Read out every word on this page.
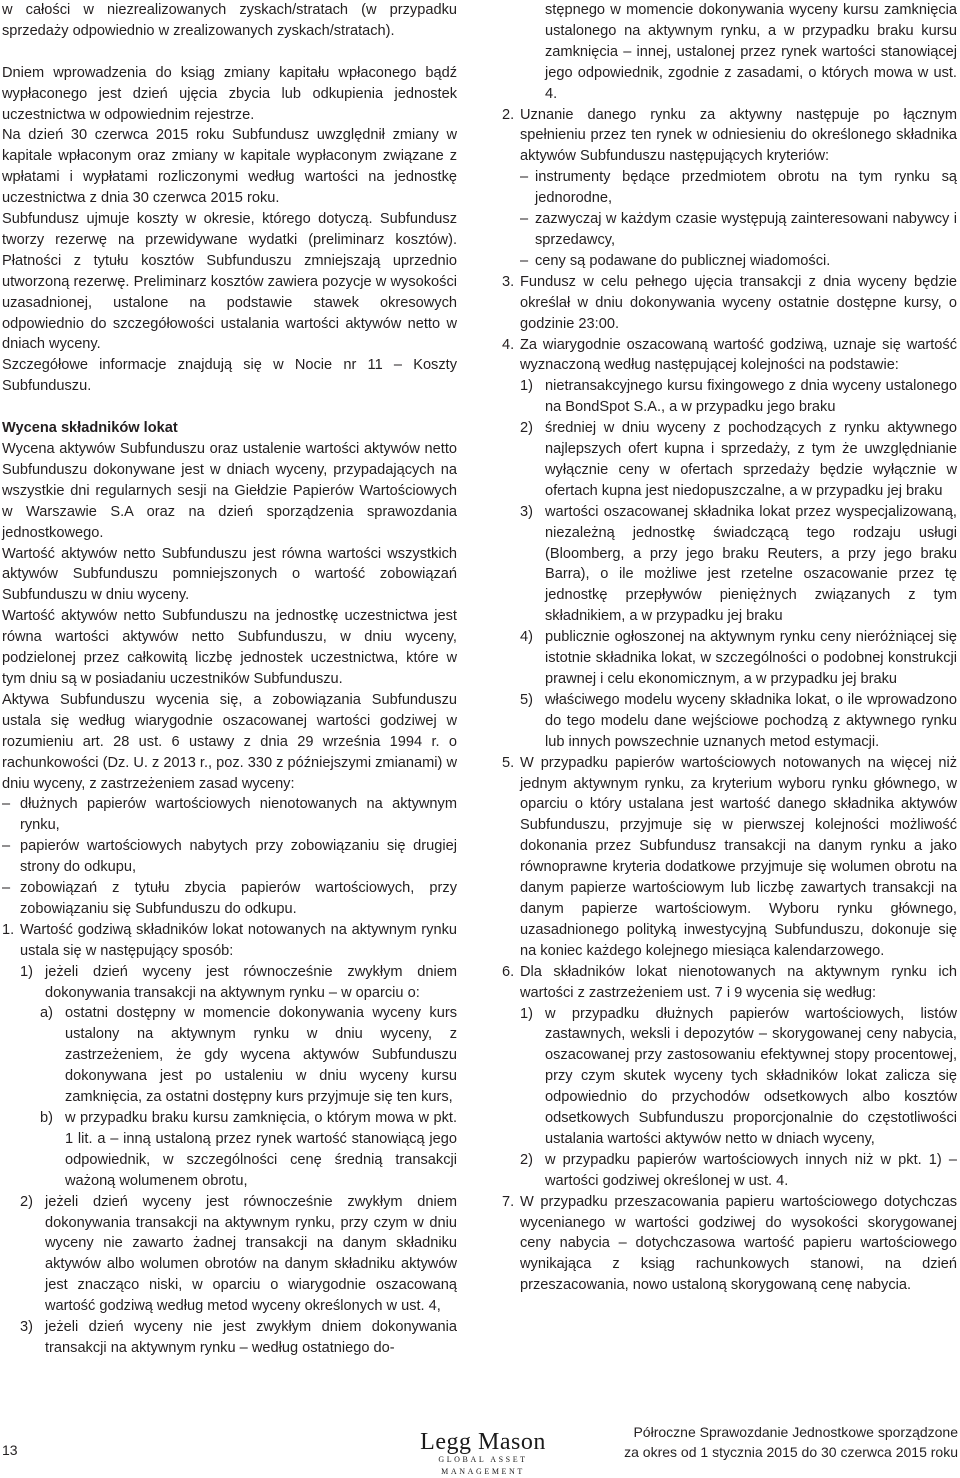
w całości w niezrealizowanych zyskach/stratach (w przypadku sprzedaży odpowiednio w zrealizowanych zyskach/stratach).

Dniem wprowadzenia do ksiąg zmiany kapitału wpłaconego bądź wypłaconego jest dzień ujęcia zbycia lub odkupienia jednostek uczestnictwa w odpowiednim rejestrze.

Na dzień 30 czerwca 2015 roku Subfundusz uwzględnił zmiany w kapitale wpłaconym oraz zmiany w kapitale wypłaconym związane z wpłatami i wypłatami rozliczonymi według wartości na jednostkę uczestnictwa z dnia 30 czerwca 2015 roku.

Subfundusz ujmuje koszty w okresie, którego dotyczą. Subfundusz tworzy rezerwę na przewidywane wydatki (preliminarz kosztów). Płatności z tytułu kosztów Subfunduszu zmniejszają uprzednio utworzoną rezerwę. Preliminarz kosztów zawiera pozycje w wysokości uzasadnionej, ustalone na podstawie stawek okresowych odpowiednio do szczegółowości ustalania wartości aktywów netto w dniach wyceny.

Szczegółowe informacje znajdują się w Nocie nr 11 – Koszty Subfunduszu.

Wycena składników lokat

Wycena aktywów Subfunduszu oraz ustalenie wartości aktywów netto Subfunduszu dokonywane jest w dniach wyceny, przypadających na wszystkie dni regularnych sesji na Giełdzie Papierów Wartościowych w Warszawie S.A oraz na dzień sporządzenia sprawozdania jednostkowego.

Wartość aktywów netto Subfunduszu jest równa wartości wszystkich aktywów Subfunduszu pomniejszonych o wartość zobowiązań Subfunduszu w dniu wyceny.

Wartość aktywów netto Subfunduszu na jednostkę uczestnictwa jest równa wartości aktywów netto Subfunduszu, w dniu wyceny, podzielonej przez całkowitą liczbę jednostek uczestnictwa, które w tym dniu są w posiadaniu uczestników Subfunduszu.

Aktywa Subfunduszu wycenia się, a zobowiązania Subfunduszu ustala się według wiarygodnie oszacowanej wartości godziwej w rozumieniu art. 28 ust. 6 ustawy z dnia 29 września 1994 r. o rachunkowości (Dz. U. z 2013 r., poz. 330 z późniejszymi zmianami) w dniu wyceny, z zastrzeżeniem zasad wyceny:

– dłużnych papierów wartościowych nienotowanych na aktywnym rynku,
– papierów wartościowych nabytych przy zobowiązaniu się drugiej strony do odkupu,
– zobowiązań z tytułu zbycia papierów wartościowych, przy zobowiązaniu się Subfunduszu do odkupu.
1. Wartość godziwą składników lokat notowanych na aktywnym rynku ustala się w następujący sposób:
1) jeżeli dzień wyceny jest równocześnie zwykłym dniem dokonywania transakcji na aktywnym rynku – w oparciu o:
a) ostatni dostępny w momencie dokonywania wyceny kurs ustalony na aktywnym rynku w dniu wyceny, z zastrzeżeniem, że gdy wycena aktywów Subfunduszu dokonywana jest po ustaleniu w dniu wyceny kursu zamknięcia, za ostatni dostępny kurs przyjmuje się ten kurs,
b) w przypadku braku kursu zamknięcia, o którym mowa w pkt. 1 lit. a – inną ustaloną przez rynek wartość stanowiącą jego odpowiednik, w szczególności cenę średnią transakcji ważoną wolumenem obrotu,
2) jeżeli dzień wyceny jest równocześnie zwykłym dniem dokonywania transakcji na aktywnym rynku, przy czym w dniu wyceny nie zawarto żadnej transakcji na danym składniku aktywów albo wolumen obrotów na danym składniku aktywów jest znacząco niski, w oparciu o wiarygodnie oszacowaną wartość godziwą według metod wyceny określonych w ust. 4,
3) jeżeli dzień wyceny nie jest zwykłym dniem dokonywania transakcji na aktywnym rynku – według ostatniego do-
stępnego w momencie dokonywania wyceny kursu zamknięcia ustalonego na aktywnym rynku, a w przypadku braku kursu zamknięcia – innej, ustalonej przez rynek wartości stanowiącej jego odpowiednik, zgodnie z zasadami, o których mowa w ust. 4.
2. Uznanie danego rynku za aktywny następuje po łącznym spełnieniu przez ten rynek w odniesieniu do określonego składnika aktywów Subfunduszu następujących kryteriów:
– instrumenty będące przedmiotem obrotu na tym rynku są jednorodne,
– zazwyczaj w każdym czasie występują zainteresowani nabywcy i sprzedawcy,
– ceny są podawane do publicznej wiadomości.
3. Fundusz w celu pełnego ujęcia transakcji z dnia wyceny będzie określał w dniu dokonywania wyceny ostatnie dostępne kursy, o godzinie 23:00.
4. Za wiarygodnie oszacowaną wartość godziwą, uznaje się wartość wyznaczoną według następującej kolejności na podstawie:
1) nietransakcyjnego kursu fixingowego z dnia wyceny ustalonego na BondSpot S.A., a w przypadku jego braku
2) średniej w dniu wyceny z pochodzących z rynku aktywnego najlepszych ofert kupna i sprzedaży, z tym że uwzględnianie wyłącznie ceny w ofertach sprzedaży będzie wyłącznie w ofertach kupna jest niedopuszczalne, a w przypadku jej braku
3) wartości oszacowanej składnika lokat przez wyspecjalizowaną, niezależną jednostkę świadczącą tego rodzaju usługi (Bloomberg, a przy jego braku Reuters, a przy jego braku Barra), o ile możliwe jest rzetelne oszacowanie przez tę jednostkę przepływów pieniężnych związanych z tym składnikiem, a w przypadku jej braku
4) publicznie ogłoszonej na aktywnym rynku ceny nieróżniącej się istotnie składnika lokat, w szczególności o podobnej konstrukcji prawnej i celu ekonomicznym, a w przypadku jej braku
5) właściwego modelu wyceny składnika lokat, o ile wprowadzono do tego modelu dane wejściowe pochodzą z aktywnego rynku lub innych powszechnie uznanych metod estymacji.
5. W przypadku papierów wartościowych notowanych na więcej niż jednym aktywnym rynku, za kryterium wyboru rynku głównego, w oparciu o który ustalana jest wartość danego składnika aktywów Subfunduszu, przyjmuje się w pierwszej kolejności możliwość dokonania przez Subfundusz transakcji na danym rynku a jako równoprawne kryteria dodatkowe przyjmuje się wolumen obrotu na danym papierze wartościowym lub liczbę zawartych transakcji na danym papierze wartościowym. Wyboru rynku głównego, uzasadnionego polityką inwestycyjną Subfunduszu, dokonuje się na koniec każdego kolejnego miesiąca kalendarzowego.
6. Dla składników lokat nienotowanych na aktywnym rynku ich wartości z zastrzeżeniem ust. 7 i 9 wycenia się według:
1) w przypadku dłużnych papierów wartościowych, listów zastawnych, weksli i depozytów – skorygowanej ceny nabycia, oszacowanej przy zastosowaniu efektywnej stopy procentowej, przy czym skutek wyceny tych składników lokat zalicza się odpowiednio do przychodów odsetkowych albo kosztów odsetkowych Subfunduszu proporcjonalnie do częstotliwości ustalania wartości aktywów netto w dniach wyceny,
2) w przypadku papierów wartościowych innych niż w pkt. 1) – wartości godziwej określonej w ust. 4.
7. W przypadku przeszacowania papieru wartościowego dotychczas wycenianego w wartości godziwej do wysokości skorygowanej ceny nabycia – dotychczasowa wartość papieru wartościowego wynikająca z ksiąg rachunkowych stanowi, na dzień przeszacowania, nowo ustaloną skorygowaną cenę nabycia.
13	Legg Mason
GLOBAL ASSET MANAGEMENT
Półroczne Sprawozdanie Jednostkowe sporządzone
za okres od 1 stycznia 2015 do 30 czerwca 2015 roku
